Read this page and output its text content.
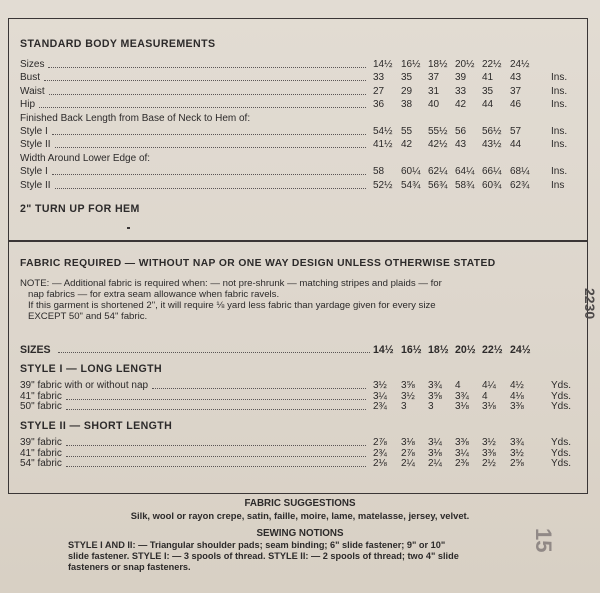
STANDARD BODY MEASUREMENTS
Sizes	14½ 16½ 18½ 20½ 22½ 24½
Bust	33 35 37 39 41 43	Ins.
Waist	27 29 31 33 35 37	Ins.
Hip	36 38 40 42 44 46	Ins.
Finished Back Length from Base of Neck to Hem of:
Style I	54½ 55 55½ 56 56½ 57	Ins.
Style II	41½ 42 42½ 43 43½ 44	Ins.
Width Around Lower Edge of:
Style I	58 60¼ 62¼ 64¼ 66¼ 68¼ Ins.
Style II	52½ 54¾ 56¾ 58¾ 60¾ 62¾ Ins
2" TURN UP FOR HEM
FABRIC REQUIRED — WITHOUT NAP OR ONE WAY DESIGN UNLESS OTHERWISE STATED
NOTE: — Additional fabric is required when: — not pre-shrunk — matching stripes and plaids — for
nap fabrics — for extra seam allowance when fabric ravels.
If this garment is shortened 2", it will require ⅛ yard less fabric than yardage given for every size
EXCEPT 50" and 54" fabric.
SIZES	14½ 16½ 18½ 20½ 22½ 24½
STYLE I — LONG LENGTH
39" fabric with or without nap	3½ 3⅝ 3¾ 4 4¼ 4½	Yds.
41" fabric	3¼ 3½ 3⅝ 3¾ 4 4⅛	Yds.
50" fabric	2¾ 3 3 3⅛ 3⅛ 3⅜	Yds.
STYLE II — SHORT LENGTH
39" fabric	2⅞ 3⅛ 3¼ 3⅜ 3½ 3¾	Yds.
41" fabric	2¾ 2⅞ 3⅛ 3¼ 3⅜ 3½	Yds.
54" fabric	2⅛ 2¼ 2¼ 2⅜ 2½ 2⅝	Yds.
FABRIC SUGGESTIONS
Silk, wool or rayon crepe, satin, faille, moire, lame, matelasse, jersey, velvet.
SEWING NOTIONS
STYLE I AND II: — Triangular shoulder pads; seam binding; 6" slide fastener; 9" or 10"
slide fastener. STYLE I: — 3 spools of thread. STYLE II: — 2 spools of thread; two 4" slide
fasteners or snap fasteners.
2230
15
